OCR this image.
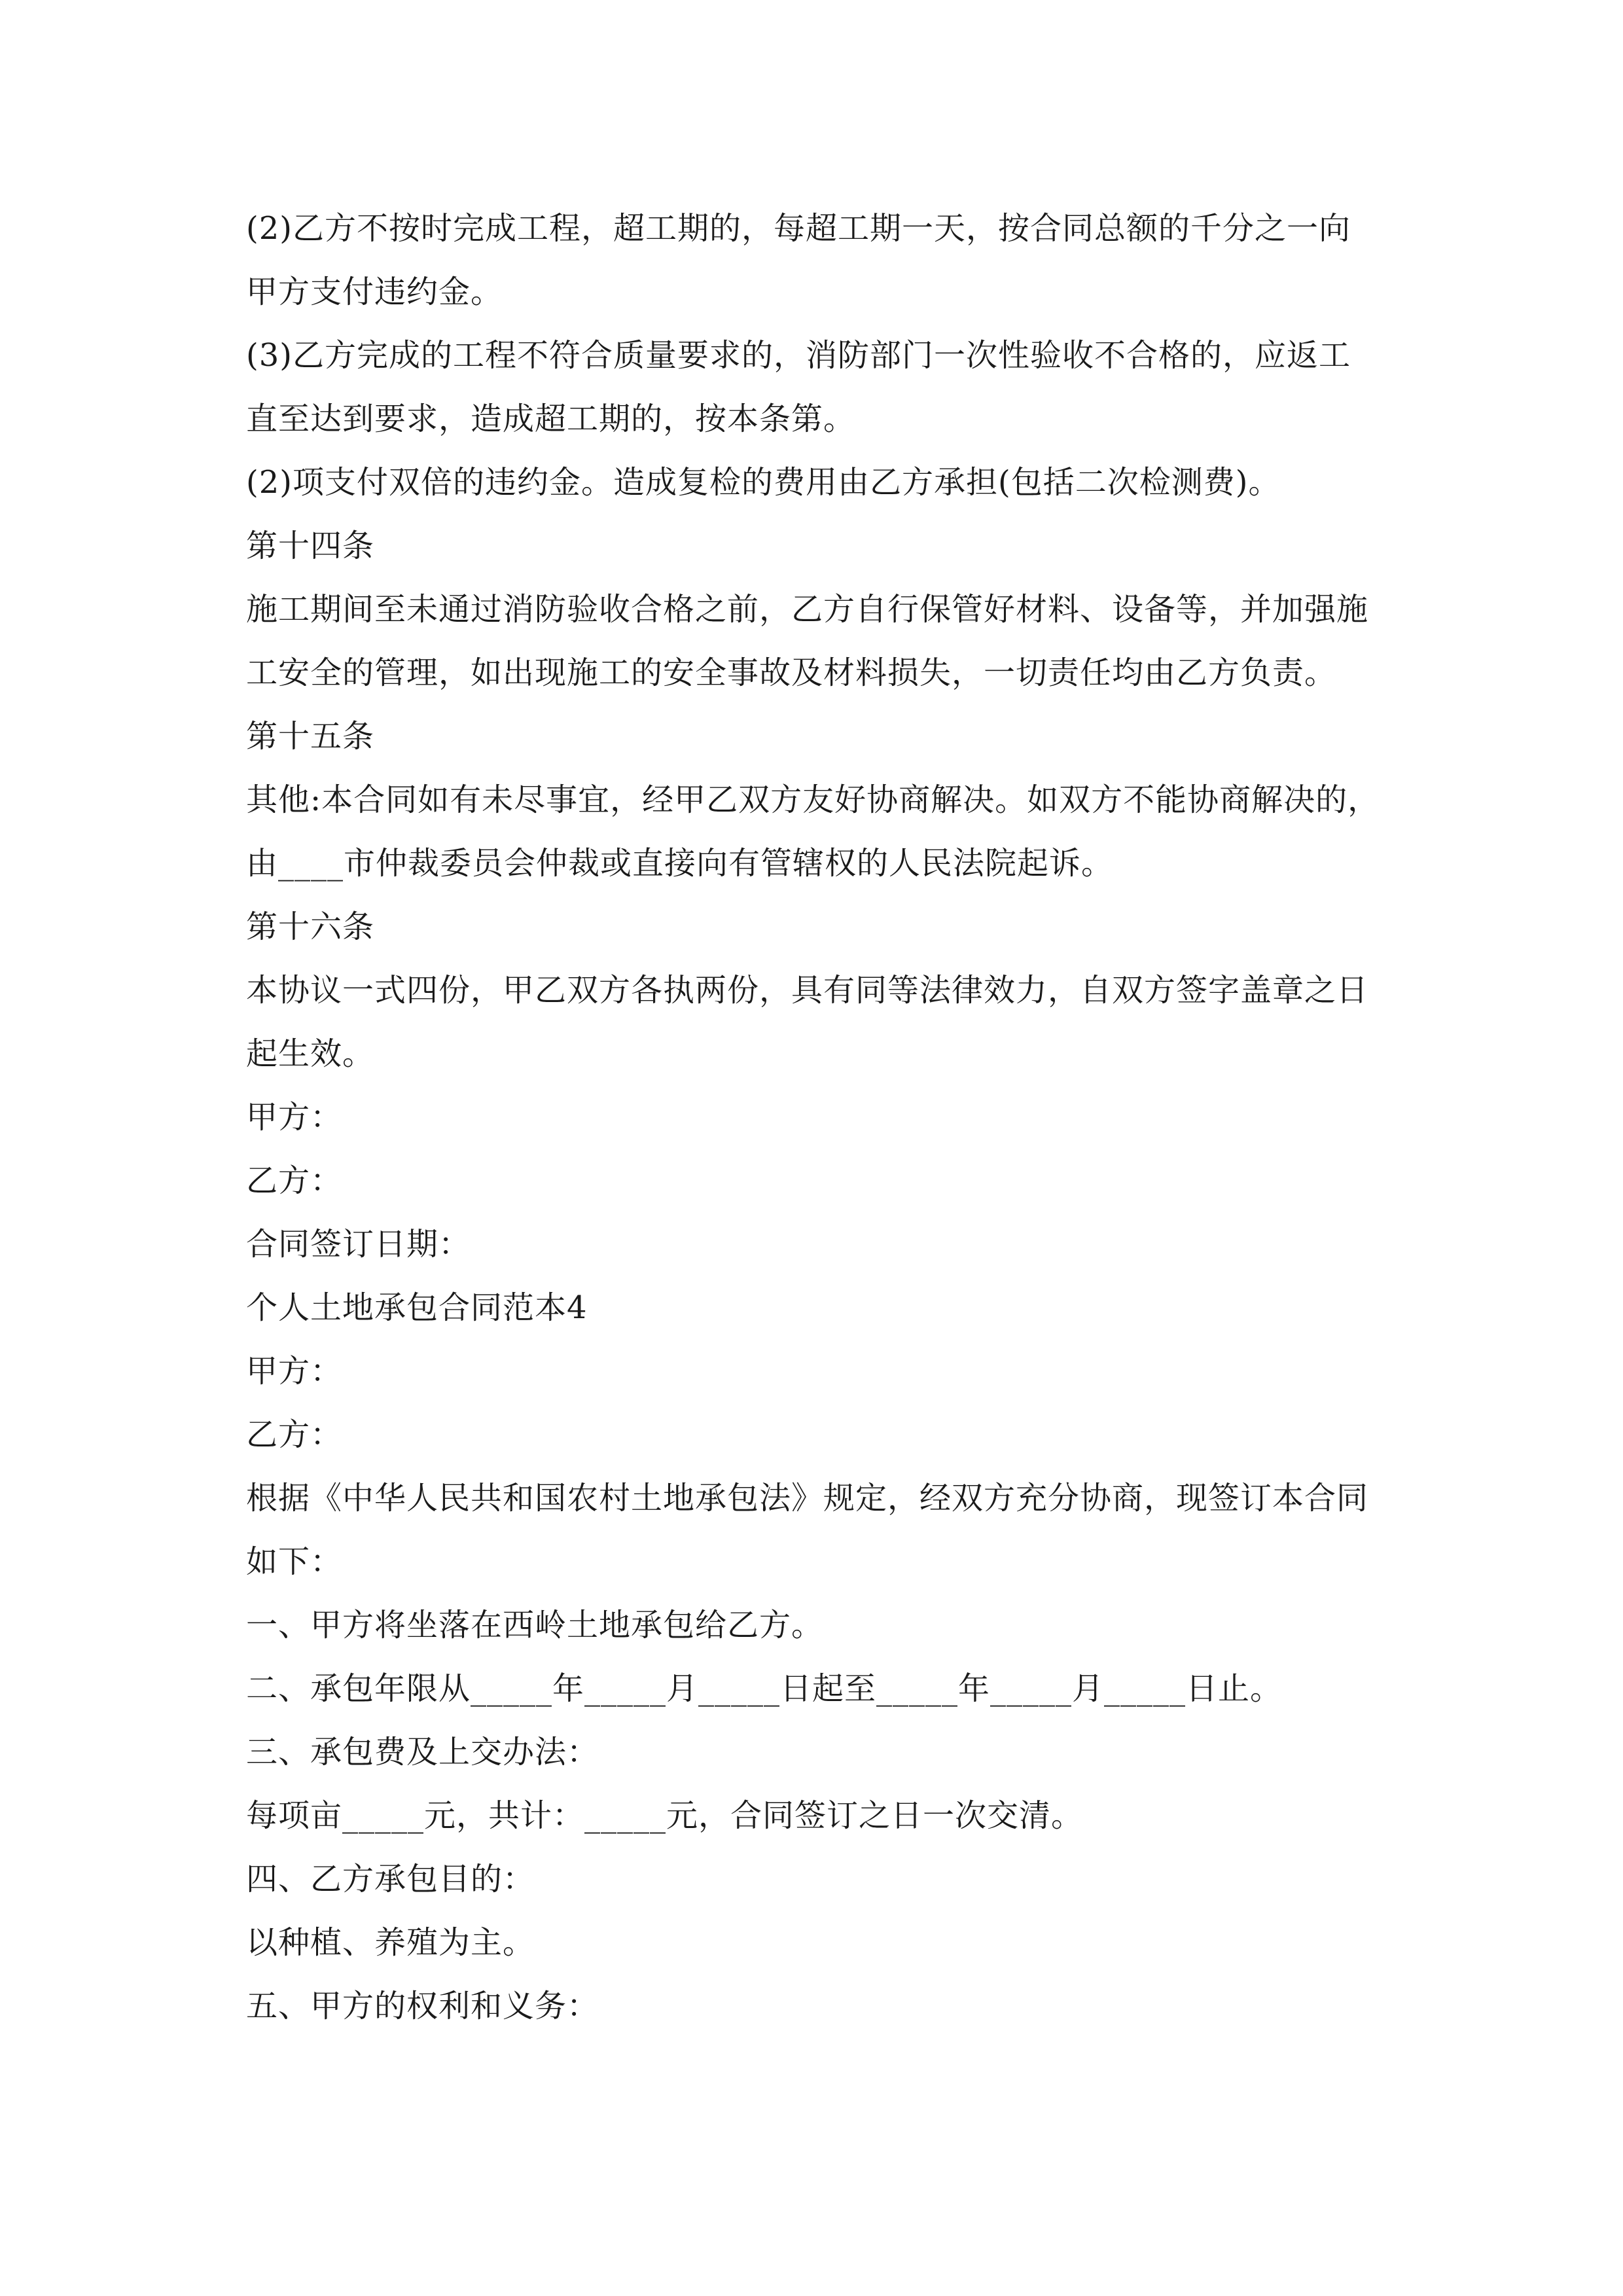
(2)乙方不按时完成工程，超工期的，每超工期一天，按合同总额的千分之一向
甲方支付违约金。
(3)乙方完成的工程不符合质量要求的，消防部门一次性验收不合格的，应返工
直至达到要求，造成超工期的，按本条第。
(2)项支付双倍的违约金。造成复检的费用由乙方承担(包括二次检测费)。
第十四条
施工期间至未通过消防验收合格之前，乙方自行保管好材料、设备等，并加强施
工安全的管理，如出现施工的安全事故及材料损失，一切责任均由乙方负责。
第十五条
其他:本合同如有未尽事宜，经甲乙双方友好协商解决。如双方不能协商解决的，
由____市仲裁委员会仲裁或直接向有管辖权的人民法院起诉。
第十六条
本协议一式四份，甲乙双方各执两份，具有同等法律效力，自双方签字盖章之日
起生效。
甲方：
乙方：
合同签订日期：
个人土地承包合同范本4
甲方：
乙方：
根据《中华人民共和国农村土地承包法》规定，经双方充分协商，现签订本合同
如下：
一、甲方将坐落在西岭土地承包给乙方。
二、承包年限从_____年_____月_____日起至_____年_____月_____日止。
三、承包费及上交办法：
每项亩_____元，共计：_____元，合同签订之日一次交清。
四、乙方承包目的：
以种植、养殖为主。
五、甲方的权利和义务：
